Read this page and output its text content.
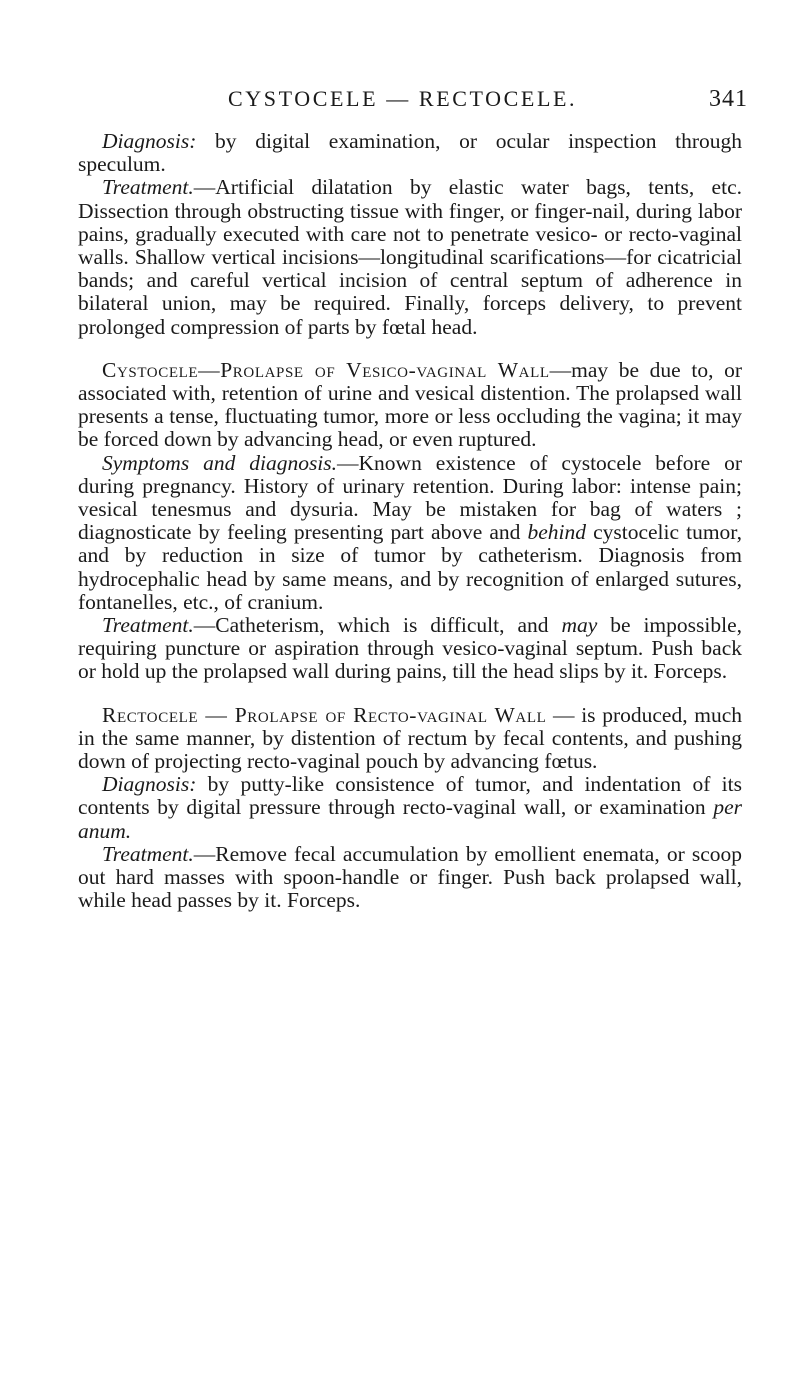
CYSTOCELE — RECTOCELE.	341

Diagnosis: by digital examination, or ocular inspection through speculum.

Treatment.—Artificial dilatation by elastic water bags, tents, etc. Dissection through obstructing tissue with finger, or finger-nail, during labor pains, gradually executed with care not to penetrate vesico- or recto-vaginal walls. Shallow vertical incisions—longitudinal scarifications—for cicatricial bands; and careful vertical incision of central septum of adherence in bilateral union, may be required. Finally, forceps delivery, to prevent prolonged compression of parts by fœtal head.

Cystocele—Prolapse of Vesico-vaginal Wall—may be due to, or associated with, retention of urine and vesical distention. The prolapsed wall presents a tense, fluctuating tumor, more or less occluding the vagina; it may be forced down by advancing head, or even ruptured.

Symptoms and diagnosis.—Known existence of cystocele before or during pregnancy. History of urinary retention. During labor: intense pain; vesical tenesmus and dysuria. May be mistaken for bag of waters ; diagnosticate by feeling presenting part above and behind cystocelic tumor, and by reduction in size of tumor by catheterism. Diagnosis from hydrocephalic head by same means, and by recognition of enlarged sutures, fontanelles, etc., of cranium.

Treatment.—Catheterism, which is difficult, and may be impossible, requiring puncture or aspiration through vesico-vaginal septum. Push back or hold up the prolapsed wall during pains, till the head slips by it. Forceps.

Rectocele — Prolapse of Recto-vaginal Wall — is produced, much in the same manner, by distention of rectum by fecal contents, and pushing down of projecting recto-vaginal pouch by advancing fœtus.

Diagnosis: by putty-like consistence of tumor, and indentation of its contents by digital pressure through recto-vaginal wall, or examination per anum.

Treatment.—Remove fecal accumulation by emollient enemata, or scoop out hard masses with spoon-handle or finger. Push back prolapsed wall, while head passes by it. Forceps.
